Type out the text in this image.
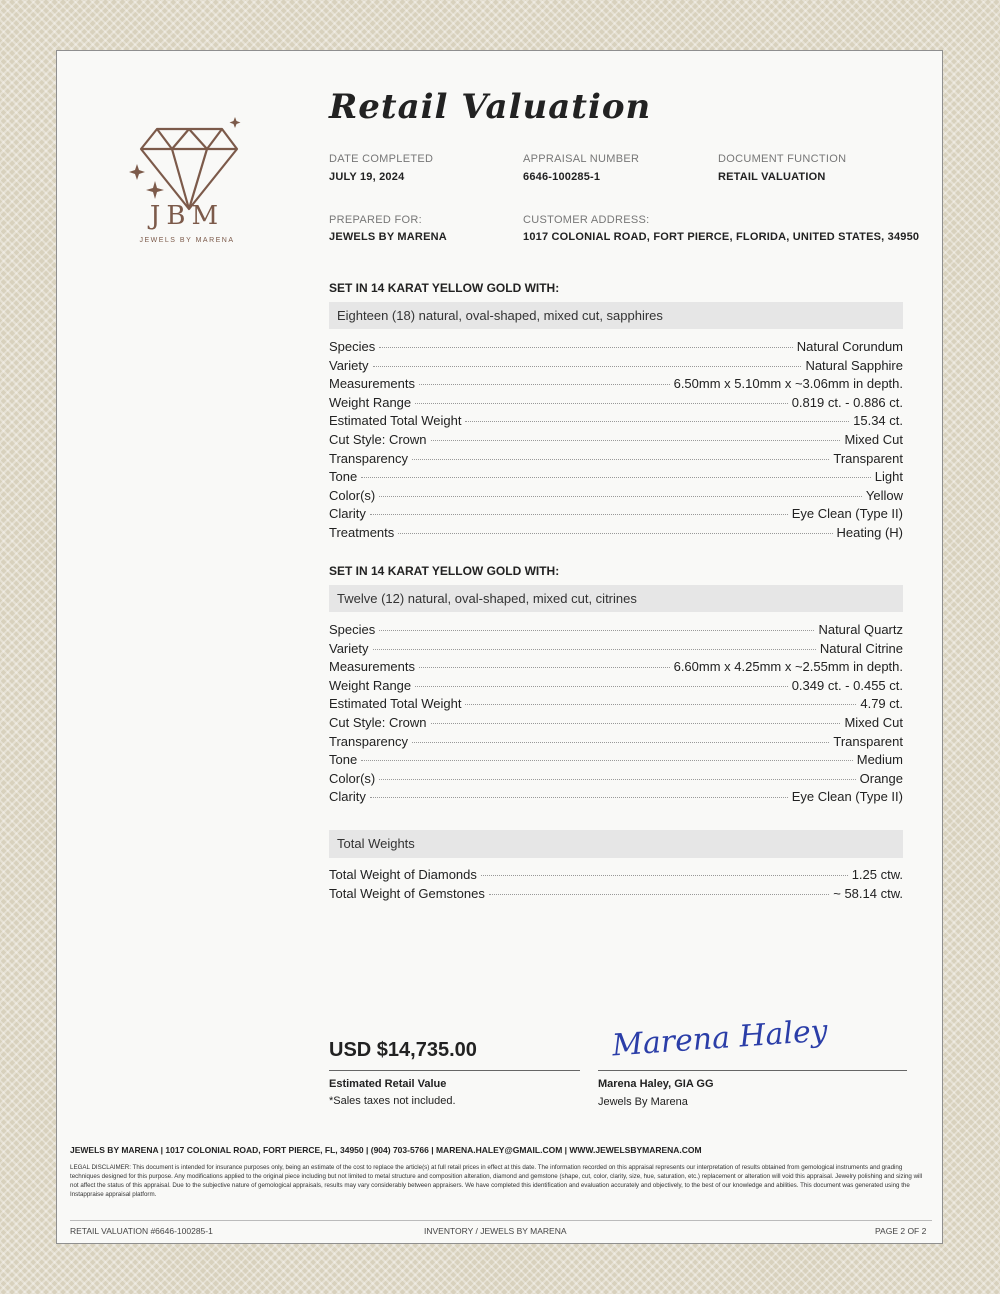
JBM
JEWELS BY MARENA
Retail Valuation
DATE COMPLETED
JULY 19, 2024
APPRAISAL NUMBER
6646-100285-1
DOCUMENT FUNCTION
RETAIL VALUATION
PREPARED FOR:
JEWELS BY MARENA
CUSTOMER ADDRESS:
1017 COLONIAL ROAD, FORT PIERCE, FLORIDA, UNITED STATES, 34950
SET IN 14 KARAT YELLOW GOLD WITH:
Eighteen (18) natural, oval-shaped, mixed cut, sapphires
Species	Natural Corundum
Variety	Natural Sapphire
Measurements	6.50mm x 5.10mm x ~3.06mm in depth.
Weight Range	0.819 ct. - 0.886 ct.
Estimated Total Weight	15.34 ct.
Cut Style: Crown	Mixed Cut
Transparency	Transparent
Tone	Light
Color(s)	Yellow
Clarity	Eye Clean (Type II)
Treatments	Heating (H)
SET IN 14 KARAT YELLOW GOLD WITH:
Twelve (12) natural, oval-shaped, mixed cut, citrines
Species	Natural Quartz
Variety	Natural Citrine
Measurements	6.60mm x 4.25mm x ~2.55mm in depth.
Weight Range	0.349 ct. - 0.455 ct.
Estimated Total Weight	4.79 ct.
Cut Style: Crown	Mixed Cut
Transparency	Transparent
Tone	Medium
Color(s)	Orange
Clarity	Eye Clean (Type II)
Total Weights
Total Weight of Diamonds	1.25 ctw.
Total Weight of Gemstones	~ 58.14 ctw.
USD $14,735.00
Estimated Retail Value
*Sales taxes not included.
Marena Haley
Marena Haley, GIA GG
Jewels By Marena
JEWELS BY MARENA | 1017 COLONIAL ROAD, FORT PIERCE, FL, 34950 | (904) 703-5766 | MARENA.HALEY@GMAIL.COM | WWW.JEWELSBYMARENA.COM
LEGAL DISCLAIMER: This document is intended for insurance purposes only, being an estimate of the cost to replace the article(s) at full retail prices in effect at this date. The information recorded on this appraisal represents our interpretation of results obtained from gemological instruments and grading techniques designed for this purpose. Any modifications applied to the original piece including but not limited to metal structure and composition alteration, diamond and gemstone (shape, cut, color, clarity, size, hue, saturation, etc.) replacement or alteration will void this appraisal. Jewelry polishing and sizing will not affect the status of this appraisal. Due to the subjective nature of gemological appraisals, results may vary considerably between appraisers. We have completed this identification and evaluation accurately and objectively, to the best of our knowledge and abilities. This document was generated using the Instappraise appraisal platform.
RETAIL VALUATION #6646-100285-1	INVENTORY / JEWELS BY MARENA	PAGE 2 OF 2
